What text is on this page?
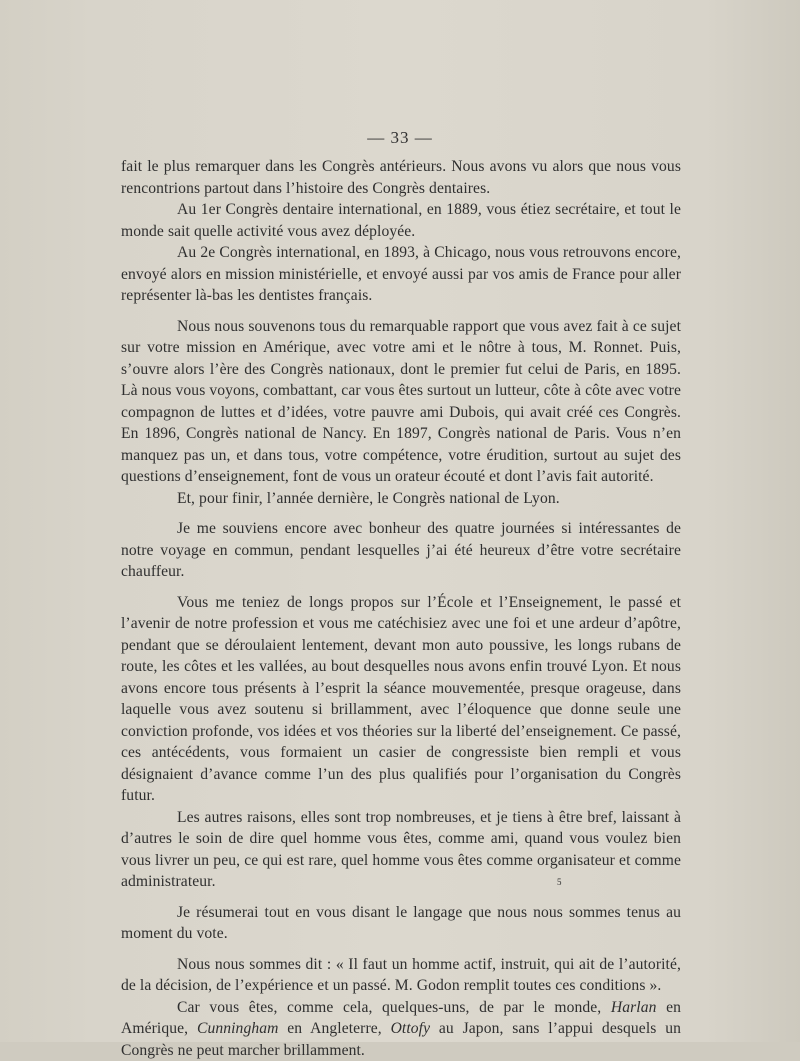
— 33 —

fait le plus remarquer dans les Congrès antérieurs. Nous avons vu alors que nous vous rencontrions partout dans l’histoire des Congrès dentaires.

Au 1er Congrès dentaire international, en 1889, vous étiez secrétaire, et tout le monde sait quelle activité vous avez déployée.

Au 2e Congrès international, en 1893, à Chicago, nous vous retrouvons encore, envoyé alors en mission ministérielle, et envoyé aussi par vos amis de France pour aller représenter là-bas les dentistes français.

Nous nous souvenons tous du remarquable rapport que vous avez fait à ce sujet sur votre mission en Amérique, avec votre ami et le nôtre à tous, M. Ronnet. Puis, s’ouvre alors l’ère des Congrès nationaux, dont le premier fut celui de Paris, en 1895. Là nous vous voyons, combattant, car vous êtes surtout un lutteur, côte à côte avec votre compagnon de luttes et d’idées, votre pauvre ami Dubois, qui avait créé ces Congrès. En 1896, Congrès national de Nancy. En 1897, Congrès national de Paris. Vous n’en manquez pas un, et dans tous, votre compétence, votre érudition, surtout au sujet des questions d’enseignement, font de vous un orateur écouté et dont l’avis fait autorité.

Et, pour finir, l’année dernière, le Congrès national de Lyon.

Je me souviens encore avec bonheur des quatre journées si intéressantes de notre voyage en commun, pendant lesquelles j’ai été heureux d’être votre secrétaire chauffeur.

Vous me teniez de longs propos sur l’École et l’Enseignement, le passé et l’avenir de notre profession et vous me catéchisiez avec une foi et une ardeur d’apôtre, pendant que se déroulaient lentement, devant mon auto poussive, les longs rubans de route, les côtes et les vallées, au bout desquelles nous avons enfin trouvé Lyon. Et nous avons encore tous présents à l’esprit la séance mouvementée, presque orageuse, dans laquelle vous avez soutenu si brillamment, avec l’éloquence que donne seule une conviction profonde, vos idées et vos théories sur la liberté del’enseignement. Ce passé, ces antécédents, vous formaient un casier de congressiste bien rempli et vous désignaient d’avance comme l’un des plus qualifiés pour l’organisation du Congrès futur.

Les autres raisons, elles sont trop nombreuses, et je tiens à être bref, laissant à d’autres le soin de dire quel homme vous êtes, comme ami, quand vous voulez bien vous livrer un peu, ce qui est rare, quel homme vous êtes comme organisateur et comme administrateur.

Je résumerai tout en vous disant le langage que nous nous sommes tenus au moment du vote.

Nous nous sommes dit : « Il faut un homme actif, instruit, qui ait de l’autorité, de la décision, de l’expérience et un passé. M. Godon remplit toutes ces conditions ».

Car vous êtes, comme cela, quelques-uns, de par le monde, Harlan en Amérique, Cunningham en Angleterre, Ottofy au Japon, sans l’appui desquels un Congrès ne peut marcher brillamment.

5
